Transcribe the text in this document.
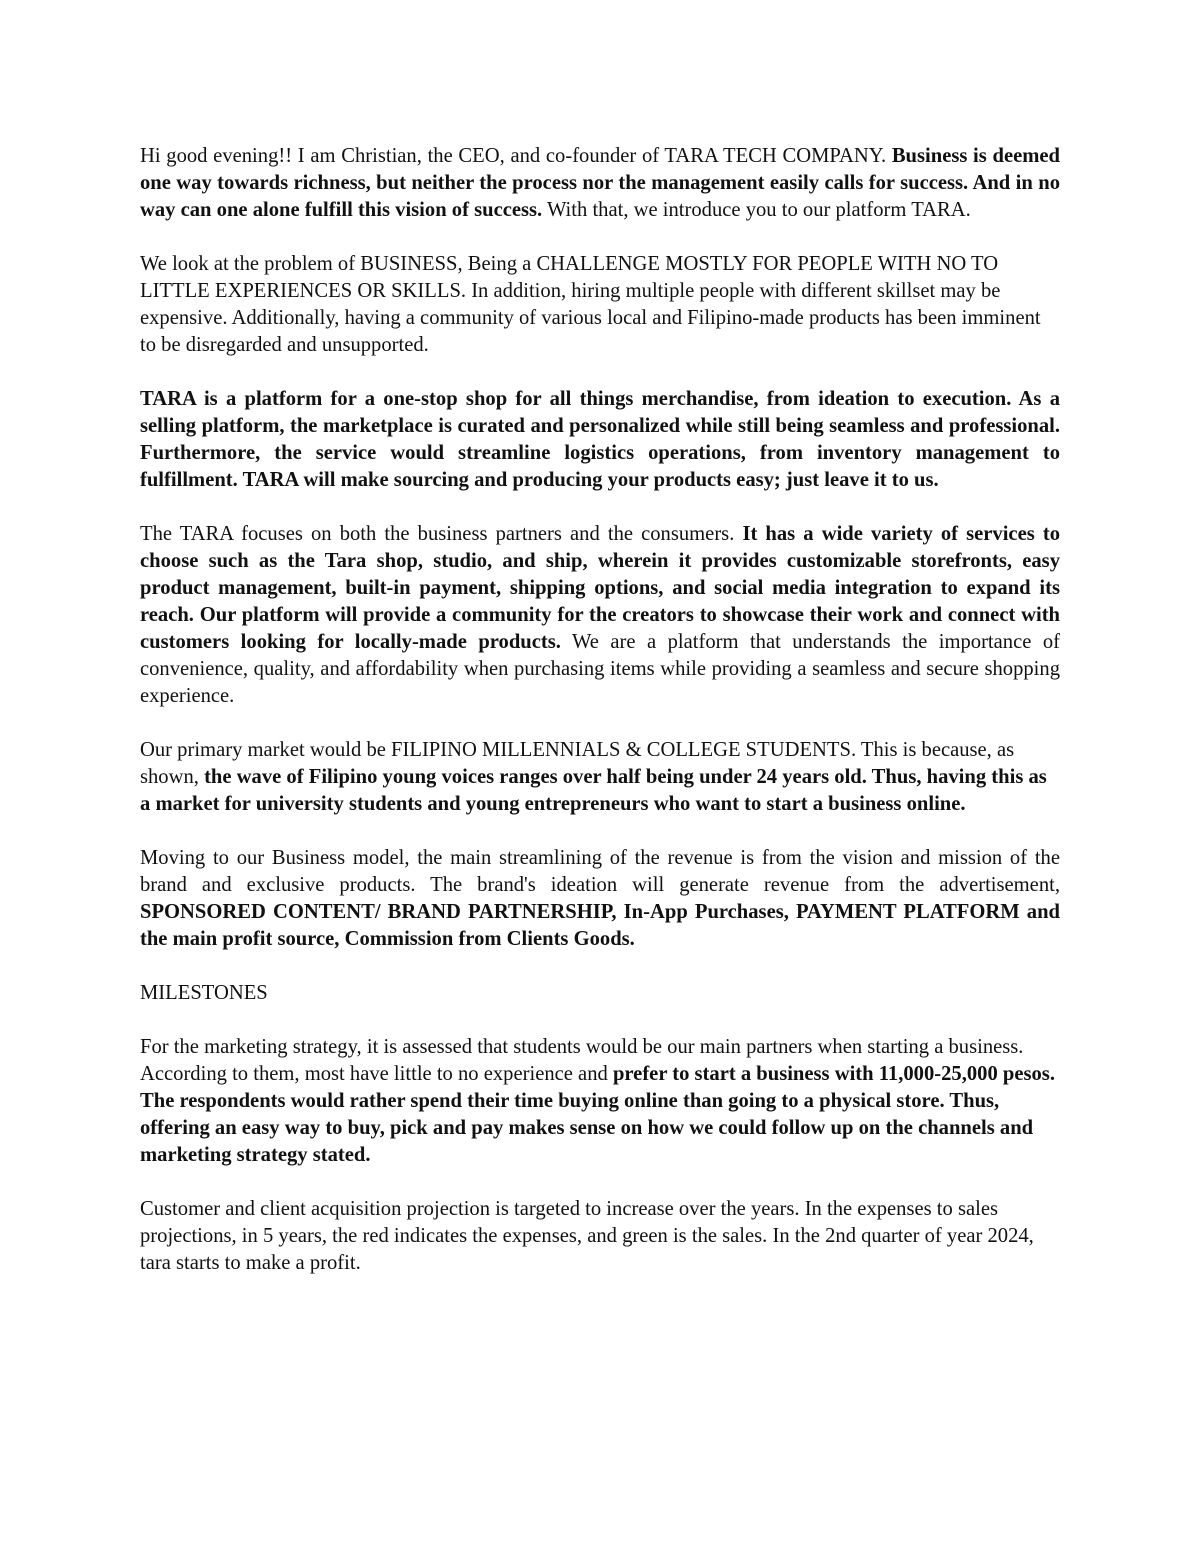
Hi good evening!! I am Christian, the CEO, and co-founder of TARA TECH COMPANY. Business is deemed one way towards richness, but neither the process nor the management easily calls for success. And in no way can one alone fulfill this vision of success. With that, we introduce you to our platform TARA.

We look at the problem of BUSINESS, Being a CHALLENGE MOSTLY FOR PEOPLE WITH NO TO LITTLE EXPERIENCES OR SKILLS. In addition, hiring multiple people with different skillset may be expensive. Additionally, having a community of various local and Filipino-made products has been imminent to be disregarded and unsupported.

TARA is a platform for a one-stop shop for all things merchandise, from ideation to execution. As a selling platform, the marketplace is curated and personalized while still being seamless and professional. Furthermore, the service would streamline logistics operations, from inventory management to fulfillment. TARA will make sourcing and producing your products easy; just leave it to us.

The TARA focuses on both the business partners and the consumers. It has a wide variety of services to choose such as the Tara shop, studio, and ship, wherein it provides customizable storefronts, easy product management, built-in payment, shipping options, and social media integration to expand its reach. Our platform will provide a community for the creators to showcase their work and connect with customers looking for locally-made products. We are a platform that understands the importance of convenience, quality, and affordability when purchasing items while providing a seamless and secure shopping experience.

Our primary market would be FILIPINO MILLENNIALS & COLLEGE STUDENTS. This is because, as shown, the wave of Filipino young voices ranges over half being under 24 years old. Thus, having this as a market for university students and young entrepreneurs who want to start a business online.

Moving to our Business model, the main streamlining of the revenue is from the vision and mission of the brand and exclusive products. The brand's ideation will generate revenue from the advertisement, SPONSORED CONTENT/ BRAND PARTNERSHIP, In-App Purchases, PAYMENT PLATFORM and the main profit source, Commission from Clients Goods.

MILESTONES

For the marketing strategy, it is assessed that students would be our main partners when starting a business. According to them, most have little to no experience and prefer to start a business with 11,000-25,000 pesos. The respondents would rather spend their time buying online than going to a physical store. Thus, offering an easy way to buy, pick and pay makes sense on how we could follow up on the channels and marketing strategy stated.

Customer and client acquisition projection is targeted to increase over the years. In the expenses to sales projections, in 5 years, the red indicates the expenses, and green is the sales. In the 2nd quarter of year 2024, tara starts to make a profit.
